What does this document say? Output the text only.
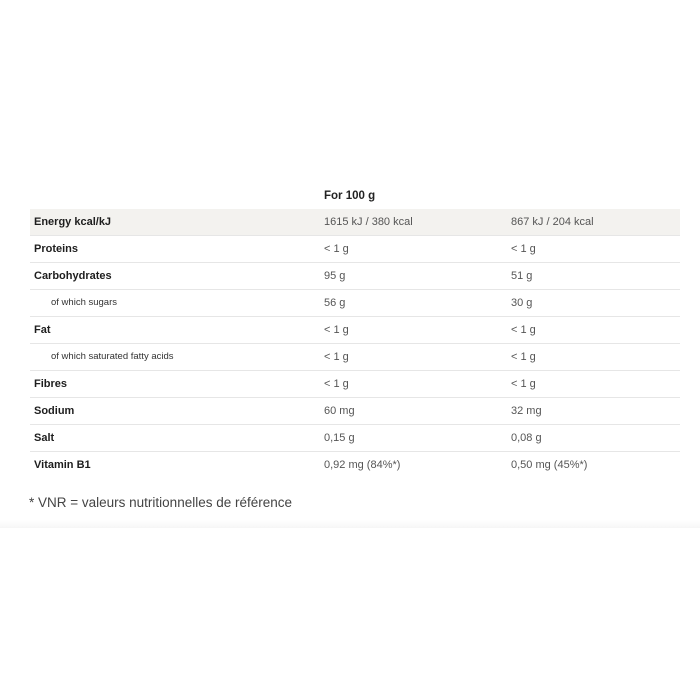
For 100 g
Energy kcal/kJ	1615 kJ / 380 kcal	867 kJ / 204 kcal
Proteins	< 1 g	< 1 g
Carbohydrates	95 g	51 g
of which sugars	56 g	30 g
Fat	< 1 g	< 1 g
of which saturated fatty acids	< 1 g	< 1 g
Fibres	< 1 g	< 1 g
Sodium	60 mg	32 mg
Salt	0,15 g	0,08 g
Vitamin B1	0,92 mg (84%*)	0,50 mg (45%*)
* VNR = valeurs nutritionnelles de référence
